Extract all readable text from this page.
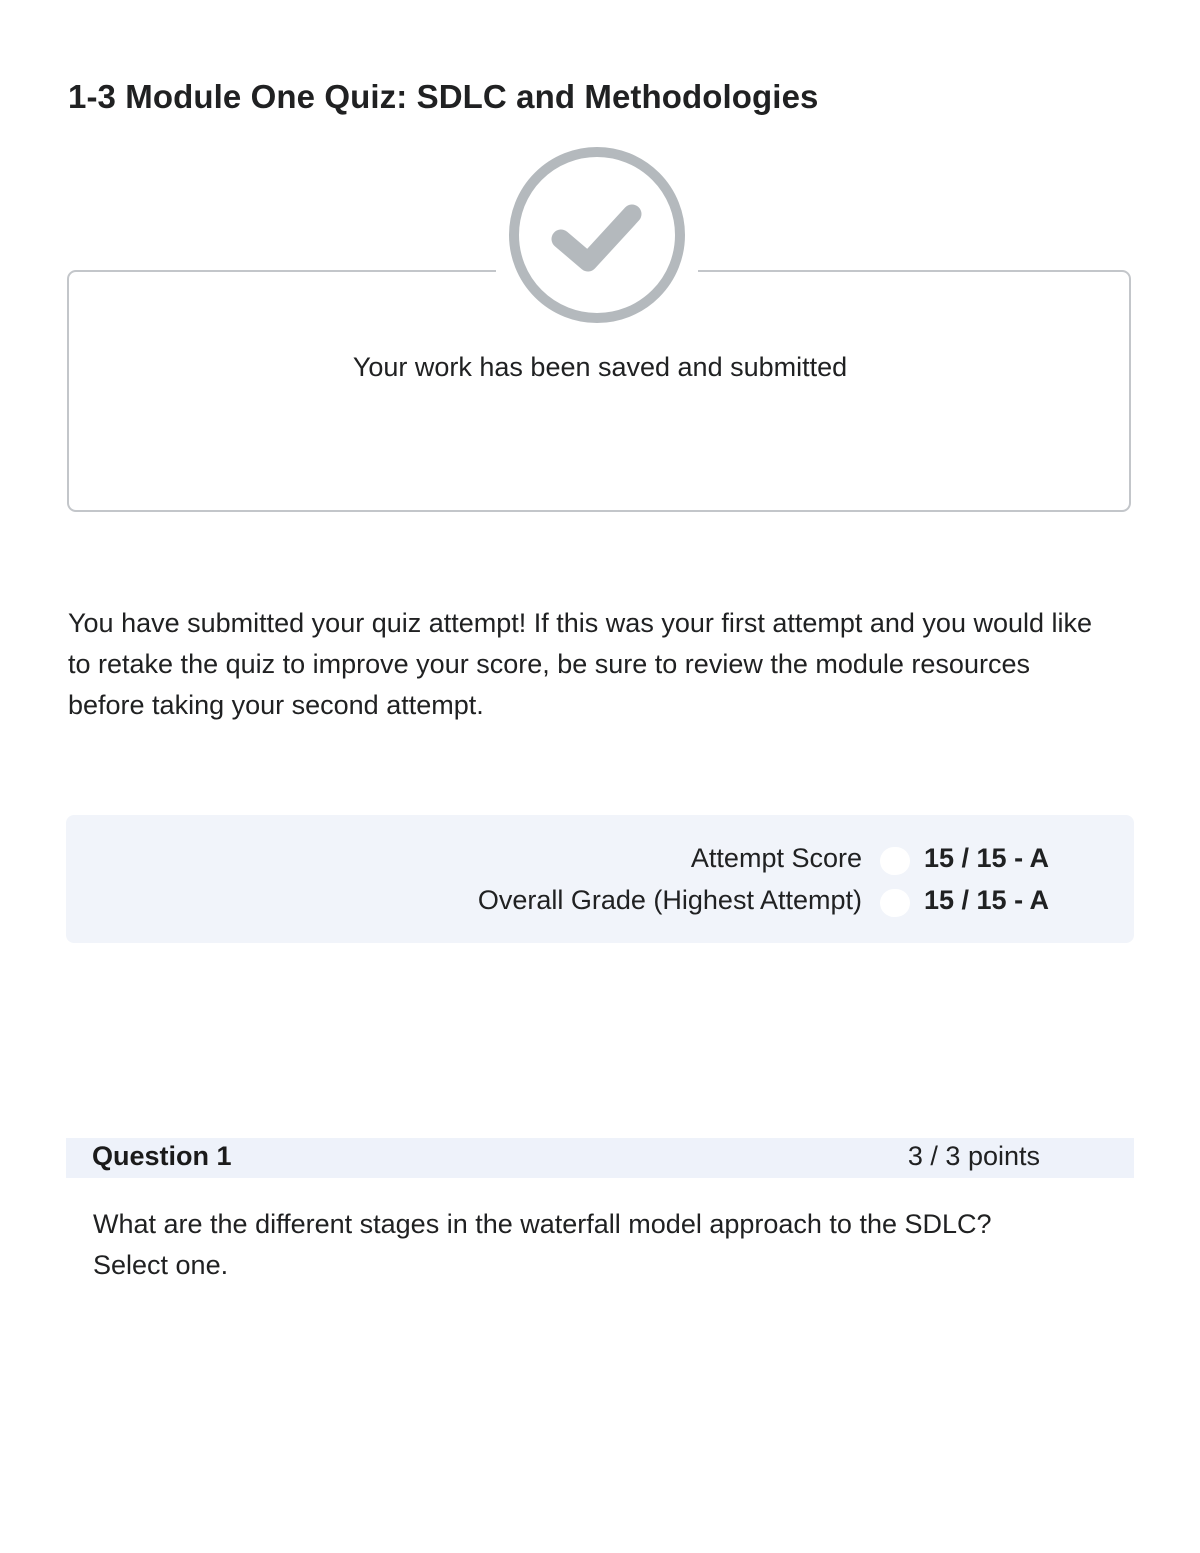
1-3 Module One Quiz: SDLC and Methodologies
Your work has been saved and submitted

You have submitted your quiz attempt! If this was your first attempt and you would like to retake the quiz to improve your score, be sure to review the module resources before taking your second attempt.

Attempt Score 15 / 15 - A
Overall Grade (Highest Attempt) 15 / 15 - A
Question 1	3 / 3 points
What are the different stages in the waterfall model approach to the SDLC?
Select one.
